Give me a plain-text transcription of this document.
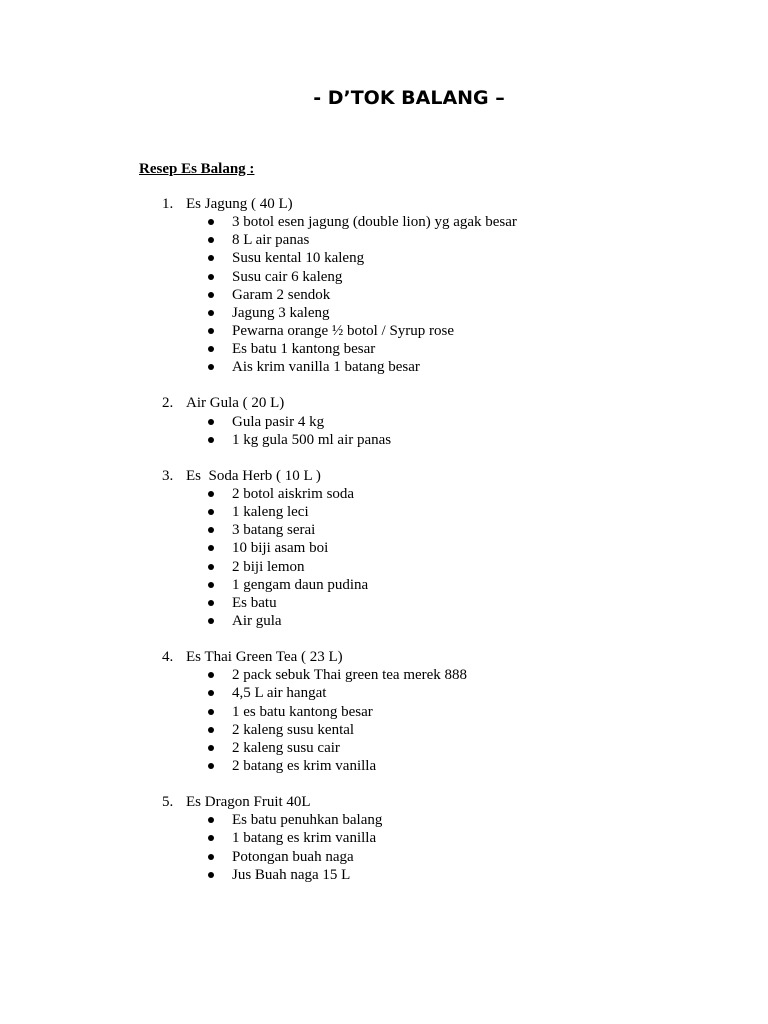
- D’TOK BALANG –

Resep Es Balang :

1. Es Jagung ( 40 L)
3 botol esen jagung (double lion) yg agak besar
8 L air panas
Susu kental 10 kaleng
Susu cair 6 kaleng
Garam 2 sendok
Jagung 3 kaleng
Pewarna orange ½ botol / Syrup rose
Es batu 1 kantong besar
Ais krim vanilla 1 batang besar
2. Air Gula ( 20 L)
Gula pasir 4 kg
1 kg gula 500 ml air panas
3. Es  Soda Herb ( 10 L )
2 botol aiskrim soda
1 kaleng leci
3 batang serai
10 biji asam boi
2 biji lemon
1 gengam daun pudina
Es batu
Air gula
4. Es Thai Green Tea ( 23 L)
2 pack sebuk Thai green tea merek 888
4,5 L air hangat
1 es batu kantong besar
2 kaleng susu kental
2 kaleng susu cair
2 batang es krim vanilla
5. Es Dragon Fruit 40L
Es batu penuhkan balang
1 batang es krim vanilla
Potongan buah naga
Jus Buah naga 15 L
